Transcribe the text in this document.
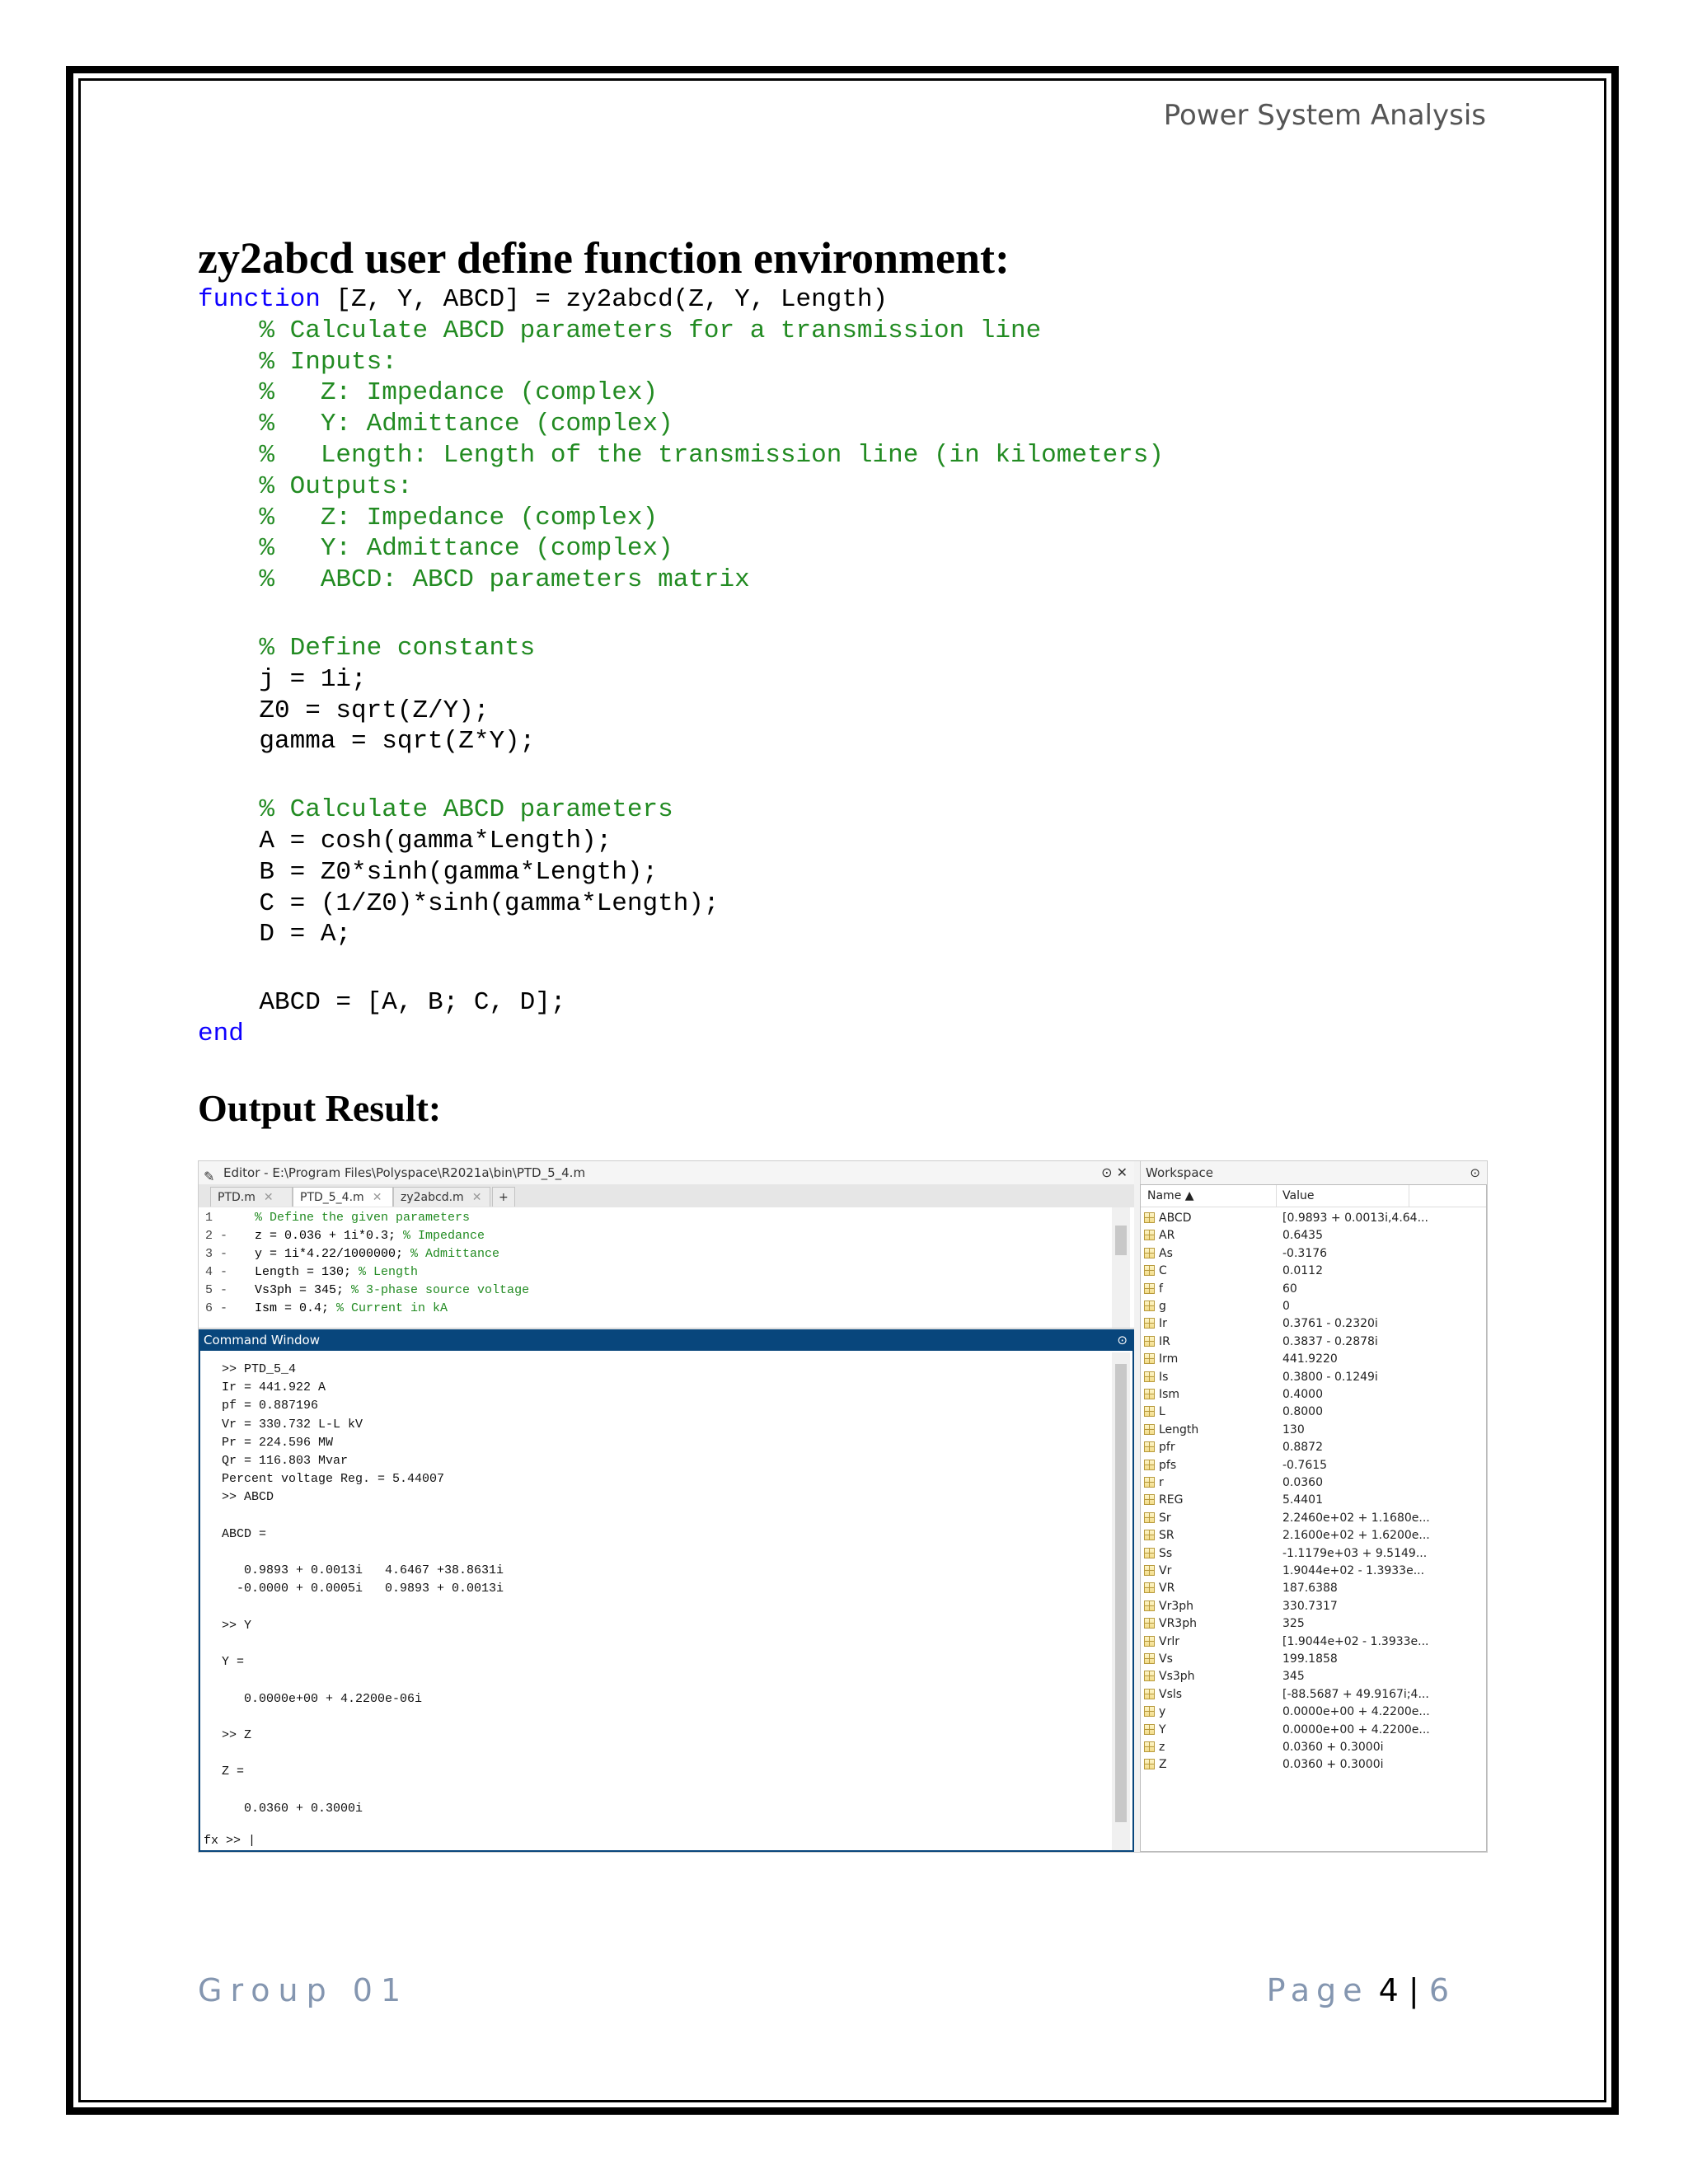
Power System Analysis
zy2abcd user define function environment:
function [Z, Y, ABCD] = zy2abcd(Z, Y, Length)
% Calculate ABCD parameters for a transmission line
% Inputs:
%   Z: Impedance (complex)
%   Y: Admittance (complex)
%   Length: Length of the transmission line (in kilometers)
% Outputs:
%   Z: Impedance (complex)
%   Y: Admittance (complex)
%   ABCD: ABCD parameters matrix
% Define constants
j = 1i;
Z0 = sqrt(Z/Y);
gamma = sqrt(Z*Y);
% Calculate ABCD parameters
A = cosh(gamma*Length);
B = Z0*sinh(gamma*Length);
C = (1/Z0)*sinh(gamma*Length);
D = A;
ABCD = [A, B; C, D];
end
Output Result:
✎ Editor - E:\Program Files\Polyspace\R2021a\bin\PTD_5_4.m	⊙ ✕
PTD.m ✕	PTD_5_4.m ✕	zy2abcd.m ✕	+
1	% Define the given parameters
2 - z = 0.036 + 1i*0.3; % Impedance
3 - y = 1i*4.22/1000000; % Admittance
4 - Length = 130; % Length
5 - Vs3ph = 345; % 3-phase source voltage
6 - Ism = 0.4; % Current in kA
Command Window	⊙
>> PTD_5_4
Ir = 441.922 A
pf = 0.887196
Vr = 330.732 L-L kV
Pr = 224.596 MW
Qr = 116.803 Mvar
Percent voltage Reg. = 5.44007
>> ABCD
ABCD =
0.9893 + 0.0013i   4.6467 +38.8631i
-0.0000 + 0.0005i   0.9893 + 0.0013i
>> Y
Y =
0.0000e+00 + 4.2200e-06i
>> Z
Z =
0.0360 + 0.3000i
fx >> |
Workspace	⊙
Name ▲	Value
ABCD	[0.9893 + 0.0013i,4.64...
AR	0.6435
As	-0.3176
C	0.0112
f	60
g	0
Ir	0.3761 - 0.2320i
IR	0.3837 - 0.2878i
Irm	441.9220
Is	0.3800 - 0.1249i
Ism	0.4000
L	0.8000
Length	130
pfr	0.8872
pfs	-0.7615
r	0.0360
REG	5.4401
Sr	2.2460e+02 + 1.1680e...
SR	2.1600e+02 + 1.6200e...
Ss	-1.1179e+03 + 9.5149...
Vr	1.9044e+02 - 1.3933e...
VR	187.6388
Vr3ph	330.7317
VR3ph	325
Vrlr	[1.9044e+02 - 1.3933e...
Vs	199.1858
Vs3ph	345
Vsls	[-88.5687 + 49.9167i;4...
y	0.0000e+00 + 4.2200e...
Y	0.0000e+00 + 4.2200e...
z	0.0360 + 0.3000i
Z	0.0360 + 0.3000i
Group 01	Page 4 | 6
